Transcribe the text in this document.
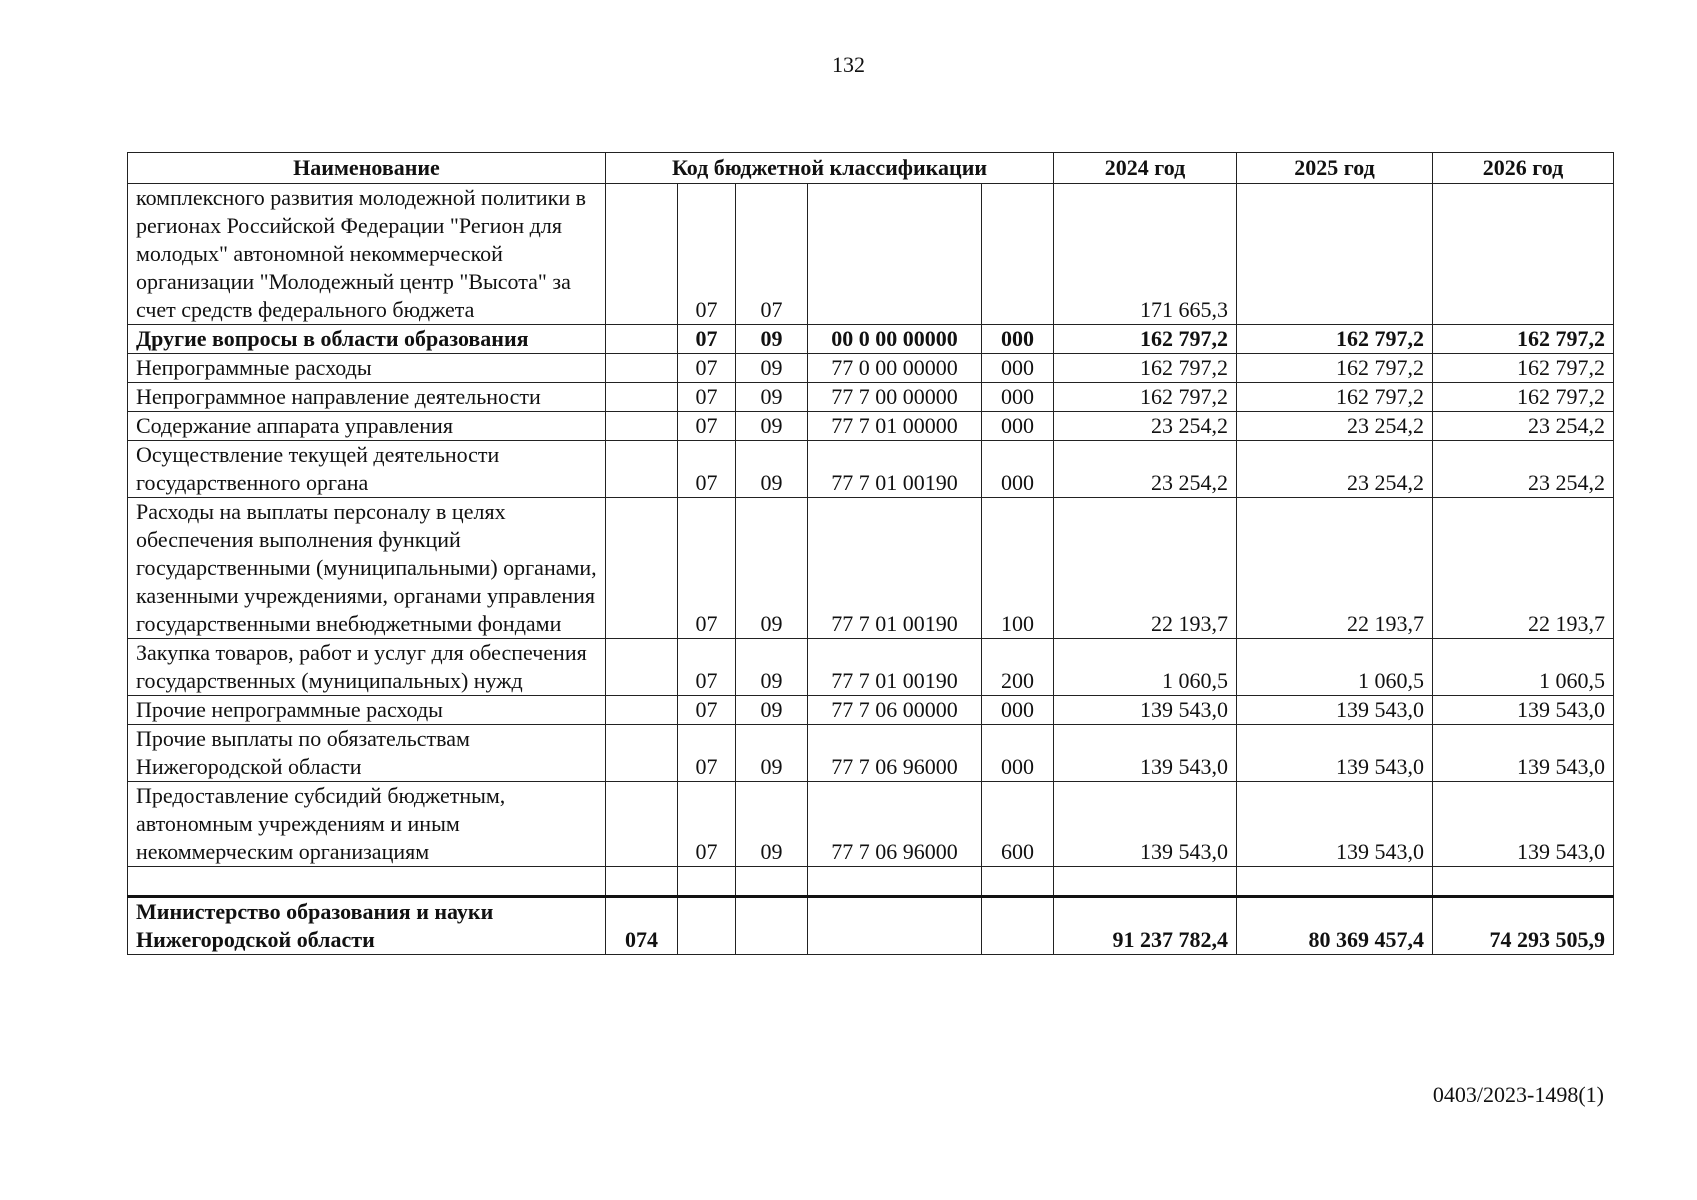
132
Наименование	Код бюджетной классификации					2024 год	2025 год	2026 год
комплексного развития молодежной политики в регионах Российской Федерации "Регион для молодых" автономной некоммерческой организации "Молодежный центр "Высота" за счет средств федерального бюджета		07	07			171 665,3		
Другие вопросы в области образования		07	09	00 0 00 00000	000	162 797,2	162 797,2	162 797,2
Непрограммные расходы		07	09	77 0 00 00000	000	162 797,2	162 797,2	162 797,2
Непрограммное направление деятельности		07	09	77 7 00 00000	000	162 797,2	162 797,2	162 797,2
Содержание аппарата управления		07	09	77 7 01 00000	000	23 254,2	23 254,2	23 254,2
Осуществление текущей деятельности государственного органа		07	09	77 7 01 00190	000	23 254,2	23 254,2	23 254,2
Расходы на выплаты персоналу в целях обеспечения выполнения функций государственными (муниципальными) органами, казенными учреждениями, органами управления государственными внебюджетными фондами		07	09	77 7 01 00190	100	22 193,7	22 193,7	22 193,7
Закупка товаров, работ и услуг для обеспечения государственных (муниципальных) нужд		07	09	77 7 01 00190	200	1 060,5	1 060,5	1 060,5
Прочие непрограммные расходы		07	09	77 7 06 00000	000	139 543,0	139 543,0	139 543,0
Прочие выплаты по обязательствам Нижегородской области		07	09	77 7 06 96000	000	139 543,0	139 543,0	139 543,0
Предоставление субсидий бюджетным, автономным учреждениям и иным некоммерческим организациям		07	09	77 7 06 96000	600	139 543,0	139 543,0	139 543,0

Министерство образования и науки Нижегородской области	074					91 237 782,4	80 369 457,4	74 293 505,9
0403/2023-1498(1)
